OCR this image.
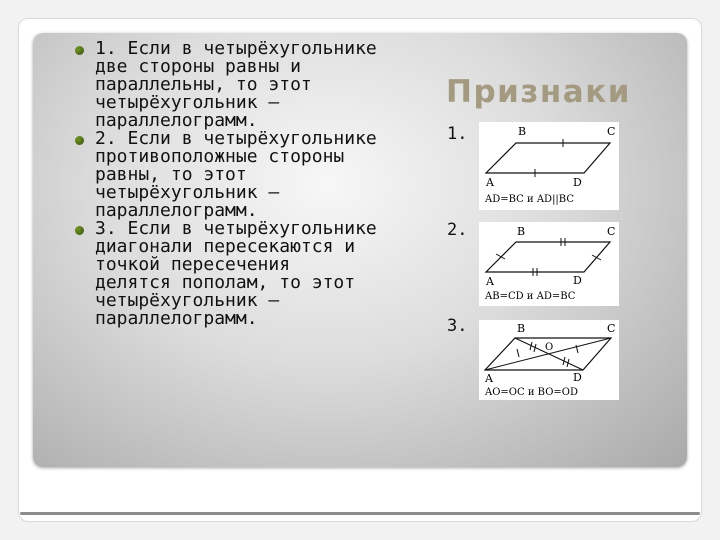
1. Если в четырёхугольнике
две стороны равны и
параллельны, то этот
четырёхугольник –
параллелограмм.
2. Если в четырёхугольнике
противоположные стороны
равны, то этот
четырёхугольник –
параллелограмм.
3. Если в четырёхугольнике
диагонали пересекаются и
точкой пересечения
делятся пополам, то этот
четырёхугольник –
параллелограмм.
Признаки
1.
2.
3.
B	C
A	D
AD=BC и AD||BC
B	C
A	D
AB=CD и AD=BC
B	C
O
A	D
AO=OC и BO=OD
